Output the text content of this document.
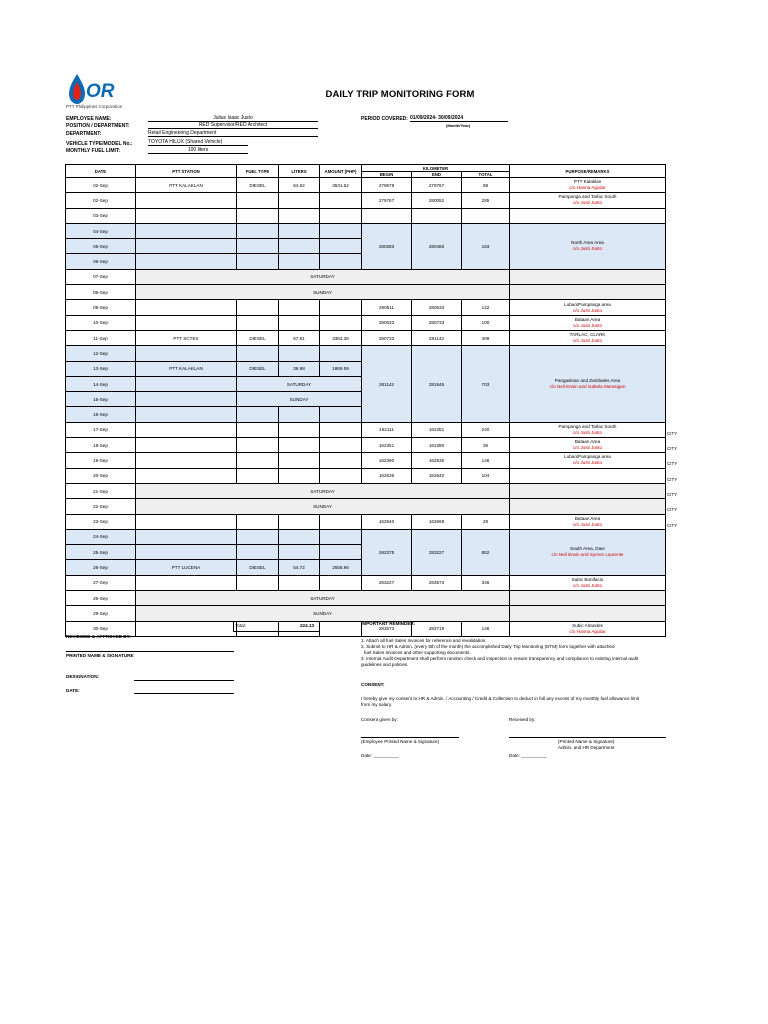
OR
PTT Philippines Corporation
DAILY TRIP MONITORING FORM
EMPLOYEE NAME:	Julius Isaac Justo
POSITION / DEPARTMENT:	RED Supervisor/RED Architect
DEPARTMENT:	Retail Engineering Department
VEHICLE TYPE/MODEL No.:	TOYOTA HILUX (Shared Vehicle)
MONTHLY FUEL LIMIT:	100 liters
PERIOD COVERED: 01/09/2024- 30/09/2024
(Month/Year)
DATE	PTT STATION	FUEL TYPE	LITERS	AMOUNT (PHP)	KILOMETER			PURPOSE/REMARKS
					BEGIN	END	TOTAL	
02-Sep	PTT KALAKLAN	DIESEL	64.62	3531.62	279679	279767	88	PTT Kalaklan
c/o Hanna Aguilar

02-Sep					279767	280052	285	Pampanga and Tarlac South
c/o Justi Justo

03-Sep								
04-Sep					280283	280466	183	North Area Area
c/o Justi Justo

05-Sep								
06-Sep								
07-Sep	SATURDAY							
08-Sep	SUNDAY							
09-Sep					280511	280633	122	Lubao/Pampanga area
c/o Justi Justo

10-Sep					280633	280733	100	Bataan Area
c/o Justi Justo

11-Sep	PTT SCTEX	DIESEL	67.81	3363.36	280733	281142	409	TARLAC, CLARK
c/o Justi Justo

12-Sep					281142	281845	703	Pangasinan and Zambales Area
c/o Neil Erwin and Isabela Marasigan

13-Sep	PTT KALAKLAN	DIESEL	36.98	1869.59				
14-Sep		SATURDAY						
15-Sep		SUNDAY						
16-Sep								
17-Sep					162111	162351	240	Pampanga and Tarlac South
c/o Justi Justo

18-Sep					162351	162390	39	Bataan Area
c/o Justi Justo

19-Sep					162390	162536	146	Lubao/Pampanga area
c/o Justi Justo

20-Sep					162536	162640	104	
21-Sep	SATURDAY							
22-Sep	SUNDAY							
23-Sep					162640	162668	28	Bataan Area
c/o Justi Justo

24-Sep					282375	283227	852	South Area, Davr
c/o Neil Erwin and Symon Laurente

25-Sep								
26-Sep	PTT LUCENA	DIESEL	54.72	2558.96				
27-Sep					283227	283573	346	Subic Bonifacio
c/o Justi Justo

28-Sep	SATURDAY							
29-Sep	SUNDAY							
30-Sep					283573	283719	146	Subic Alrandes
c/o Hanna Aguilar
CITY
CITY
CITY
CITY
CITY
CITY
CITY
Total:	224.13
REVIEWED & APPROVED BY:
PRINTED NAME & SIGNATURE
DESIGNATION:
DATE:
IMPORTANT REMINDER:
1. Attach all fuel Sales Invoices for reference and revalidation.
2. Submit to HR & Admin. (every 5th of the month) the accomplished Daily Trip Monitoring (DTM) form together with attached
fuel Sales Invoices and other supporting documents.
3. Internal Audit Department shall perform random check and inspection to ensure transparency and compliance to existing internal audit
guidelines and policies.
CONSENT:
I hereby give my consent to HR & Admin. / Accounting / Credit & Collection to deduct in full any excess of my monthly fuel allowance limit
from my salary.
Consent given by:	Received by:
(Employee Printed Name & Signature)	(Printed Name & Signature)
Admin. and HR Department
Date: __________	Date: __________
